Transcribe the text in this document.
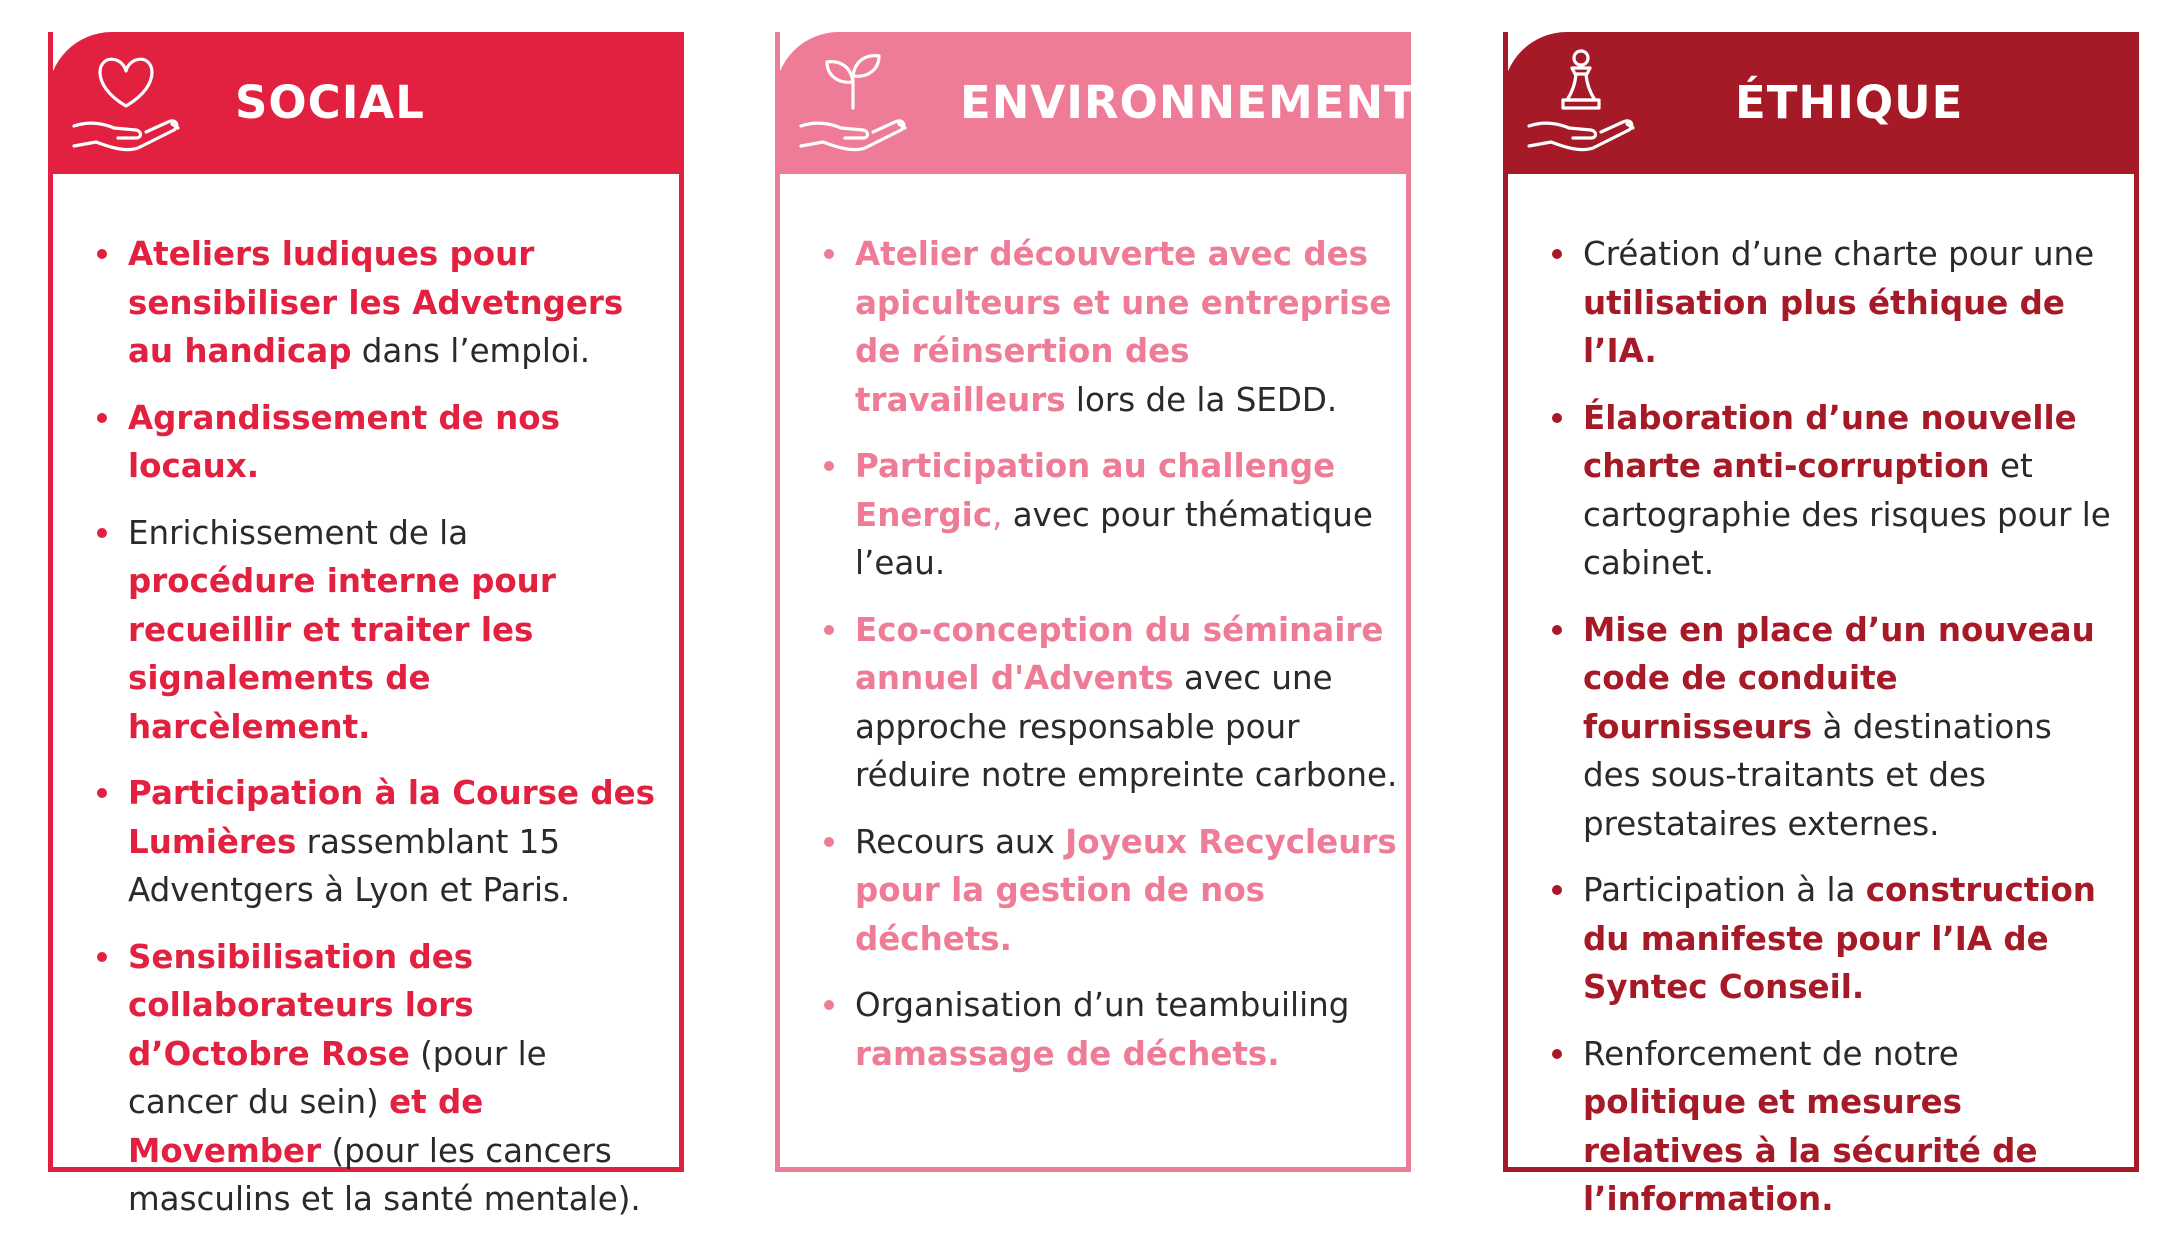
SOCIAL
Ateliers ludiques pour sensibiliser les Advetngers au handicap dans l’emploi.
Agrandissement de nos locaux.
Enrichissement de la procédure interne pour recueillir et traiter les signalements de harcèlement.
Participation à la Course des Lumières rassemblant 15 Adventgers à Lyon et Paris.
Sensibilisation des collaborateurs lors d’Octobre Rose (pour le cancer du sein) et de Movember (pour les cancers masculins et la santé mentale).
ENVIRONNEMENT
Atelier découverte avec des apiculteurs et une entreprise de réinsertion des travailleurs lors de la SEDD.
Participation au challenge Energic, avec pour thématique l’eau.
Eco-conception du séminaire annuel d'Advents avec une approche responsable pour réduire notre empreinte carbone.
Recours aux Joyeux Recycleurs pour la gestion de nos déchets.
Organisation d’un teambuiling ramassage de déchets.
ÉTHIQUE
Création d’une charte pour une utilisation plus éthique de l’IA.
Élaboration d’une nouvelle charte anti-corruption et cartographie des risques pour le cabinet.
Mise en place d’un nouveau code de conduite fournisseurs à destinations des sous-traitants et des prestataires externes.
Participation à la construction du manifeste pour l’IA de Syntec Conseil.
Renforcement de notre politique et mesures relatives à la sécurité de l’information.
